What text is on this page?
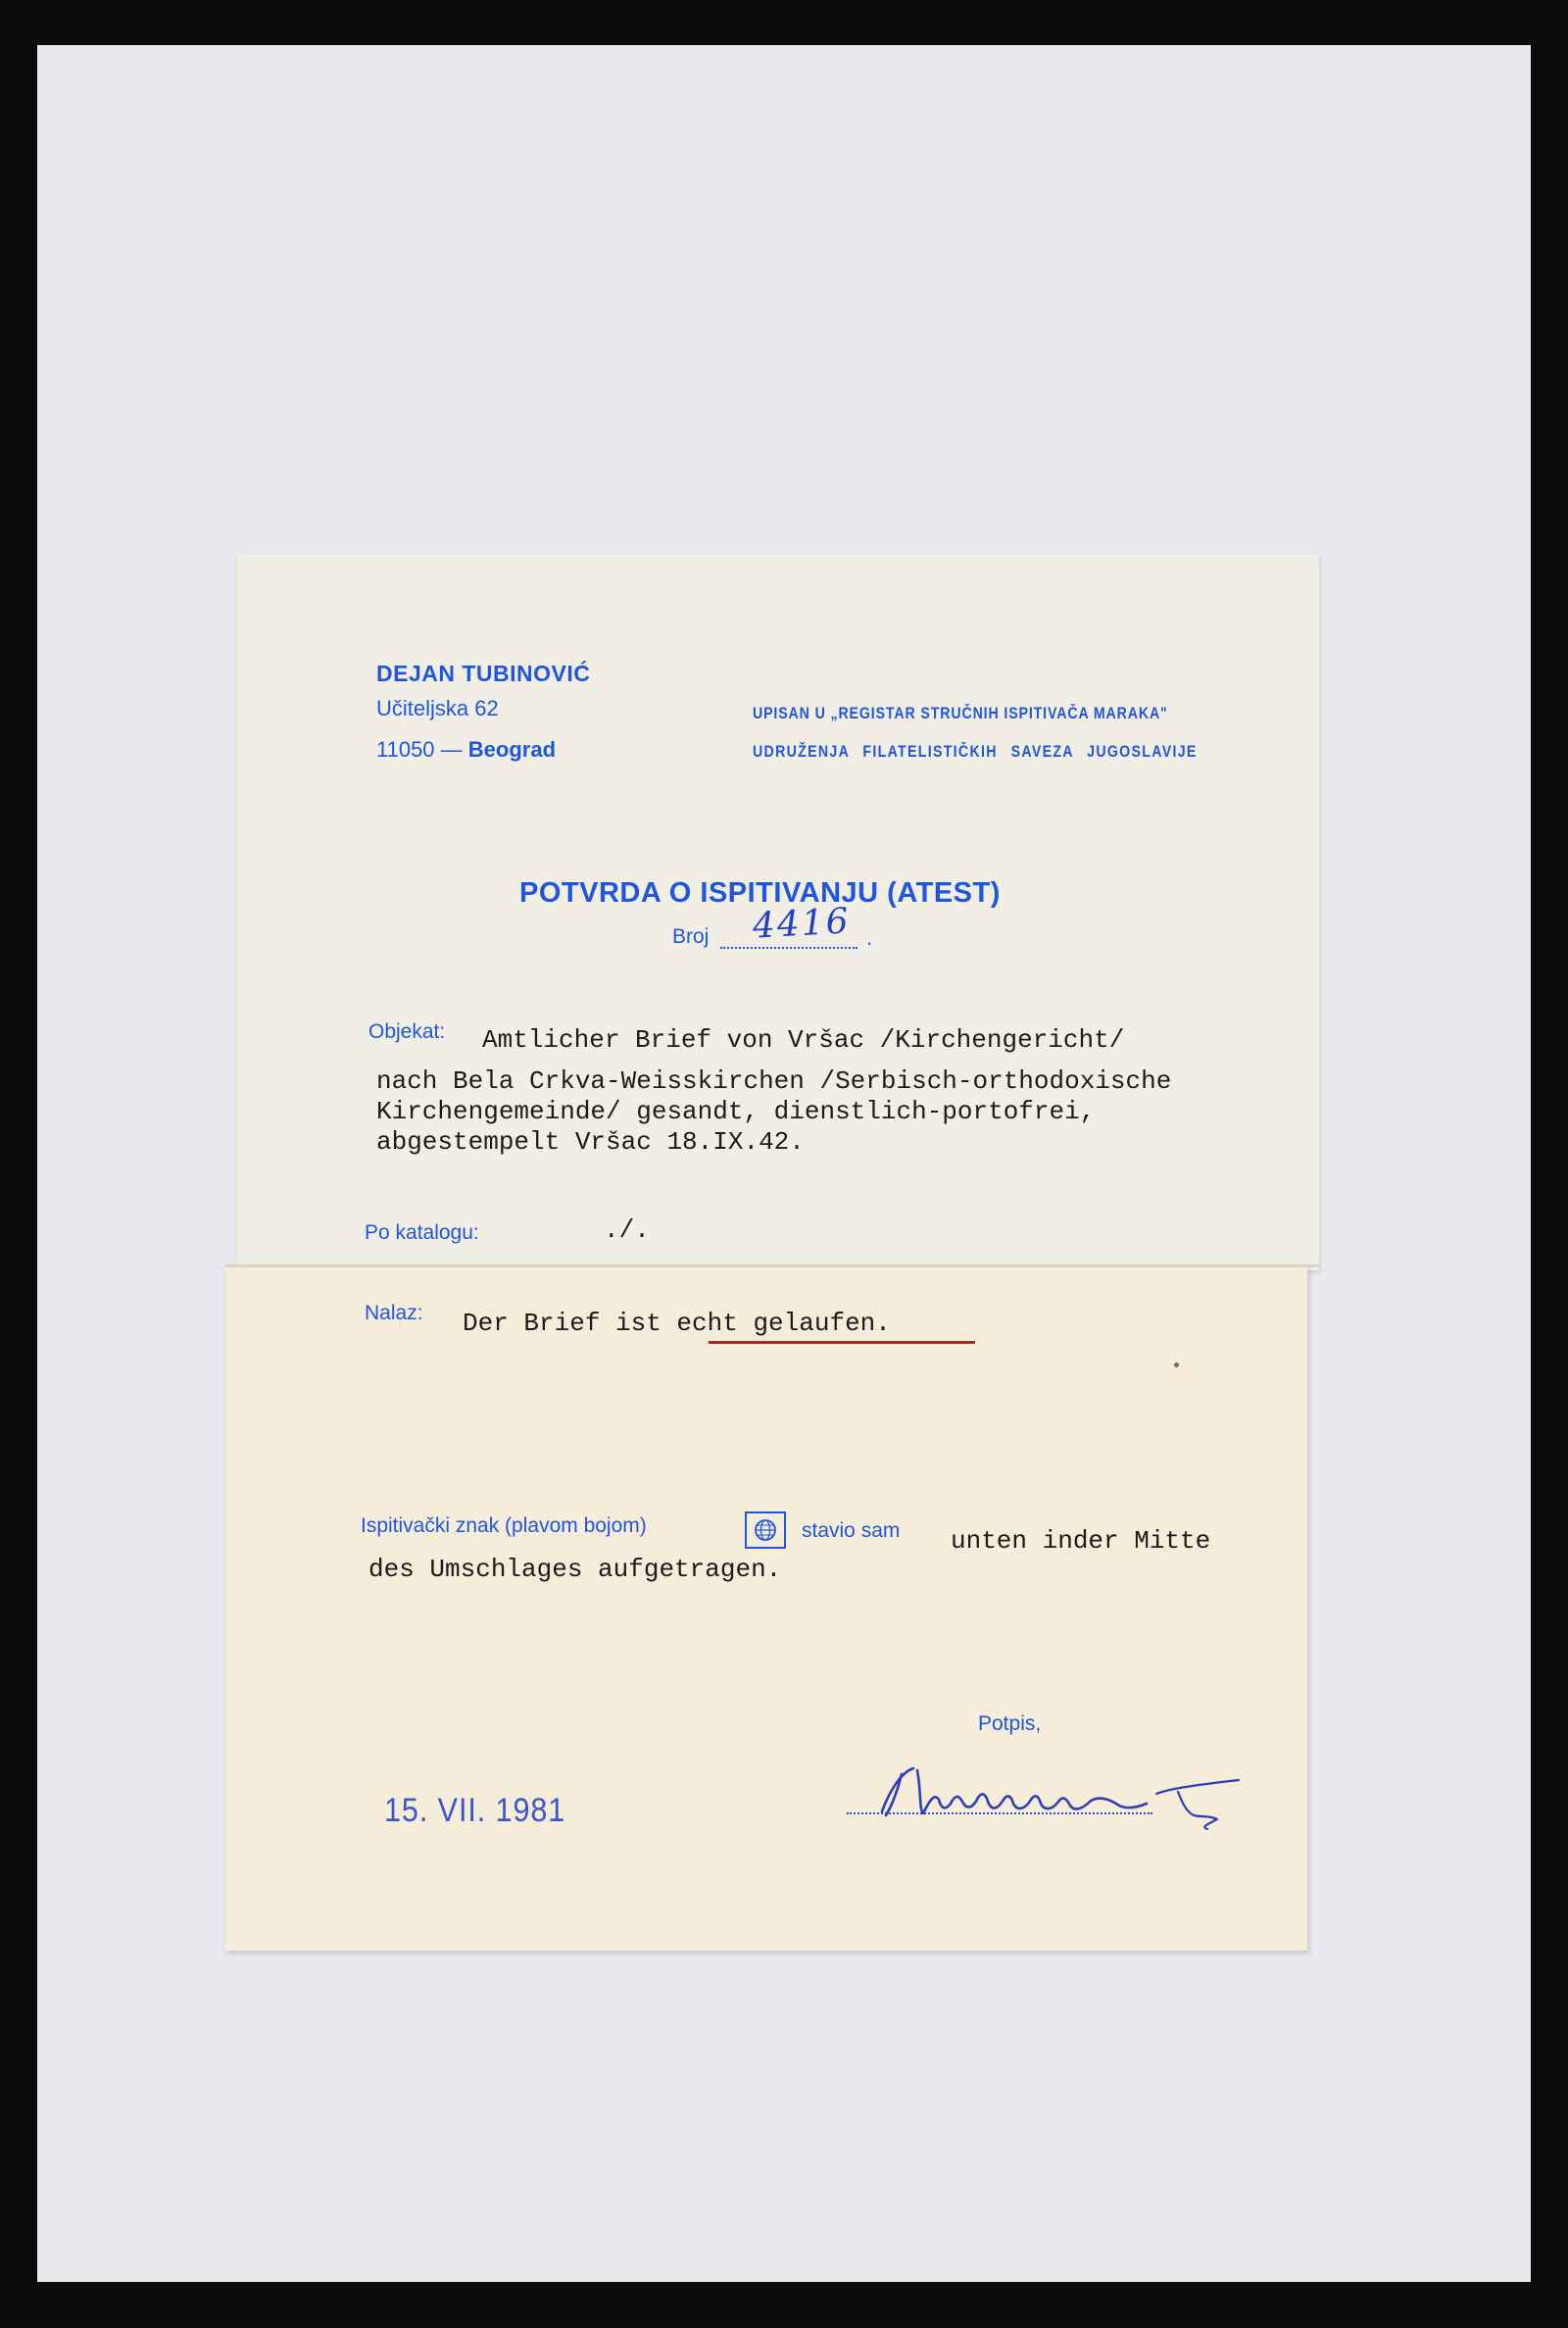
DEJAN TUBINOVIĆ
Učiteljska 62
11050 — Beograd
UPISAN U „REGISTAR STRUČNIH ISPITIVAČA MARAKA"
UDRUŽENJA FILATELISTIČKIH SAVEZA JUGOSLAVIJE
POTVRDA O ISPITIVANJU (ATEST)
Broj 4416 .
Objekat: Amtlicher Brief von Vršac /Kirchengericht/
nach Bela Crkva-Weisskirchen /Serbisch-orthodoxische
Kirchengemeinde/ gesandt, dienstlich-portofrei,
abgestempelt Vršac 18.IX.42.
Po katalogu:	./.
Nalaz: Der Brief ist echt gelaufen.
Ispitivački znak (plavom bojom)	stavio sam unten inder Mitte
des Umschlages aufgetragen.
Potpis,
15. VII. 1981
